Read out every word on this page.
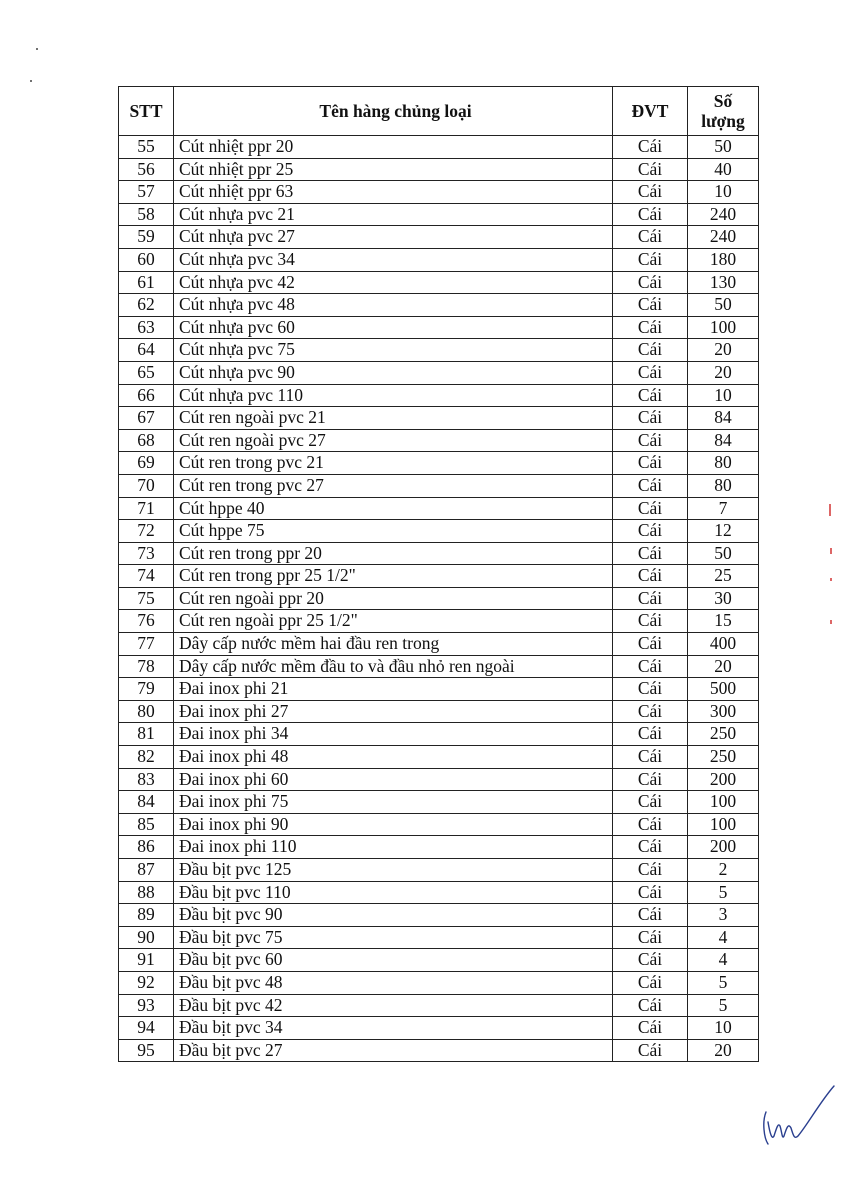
STT	Tên hàng chủng loại	ĐVT	Số
lượng

55	Cút nhiệt ppr 20	Cái	50
56	Cút nhiệt ppr 25	Cái	40
57	Cút nhiệt ppr 63	Cái	10
58	Cút nhựa pvc 21	Cái	240
59	Cút nhựa pvc 27	Cái	240
60	Cút nhựa pvc 34	Cái	180
61	Cút nhựa pvc 42	Cái	130
62	Cút nhựa pvc 48	Cái	50
63	Cút nhựa pvc 60	Cái	100
64	Cút nhựa pvc 75	Cái	20
65	Cút nhựa pvc 90	Cái	20
66	Cút nhựa pvc 110	Cái	10
67	Cút ren ngoài pvc 21	Cái	84
68	Cút ren ngoài pvc 27	Cái	84
69	Cút ren trong pvc 21	Cái	80
70	Cút ren trong pvc 27	Cái	80
71	Cút hppe 40	Cái	7
72	Cút hppe 75	Cái	12
73	Cút ren trong ppr 20	Cái	50
74	Cút ren trong ppr 25 1/2"	Cái	25
75	Cút ren ngoài ppr 20	Cái	30
76	Cút ren ngoài ppr 25 1/2"	Cái	15
77	Dây cấp nước mềm hai đầu ren trong	Cái	400
78	Dây cấp nước mềm đầu to và đầu nhỏ ren ngoài	Cái	20
79	Đai inox phi 21	Cái	500
80	Đai inox phi 27	Cái	300
81	Đai inox phi 34	Cái	250
82	Đai inox phi 48	Cái	250
83	Đai inox phi 60	Cái	200
84	Đai inox phi 75	Cái	100
85	Đai inox phi 90	Cái	100
86	Đai inox phi 110	Cái	200
87	Đầu bịt pvc 125	Cái	2
88	Đầu bịt pvc 110	Cái	5
89	Đầu bịt pvc 90	Cái	3
90	Đầu bịt pvc 75	Cái	4
91	Đầu bịt pvc 60	Cái	4
92	Đầu bịt pvc 48	Cái	5
93	Đầu bịt pvc 42	Cái	5
94	Đầu bịt pvc 34	Cái	10
95	Đầu bịt pvc 27	Cái	20
